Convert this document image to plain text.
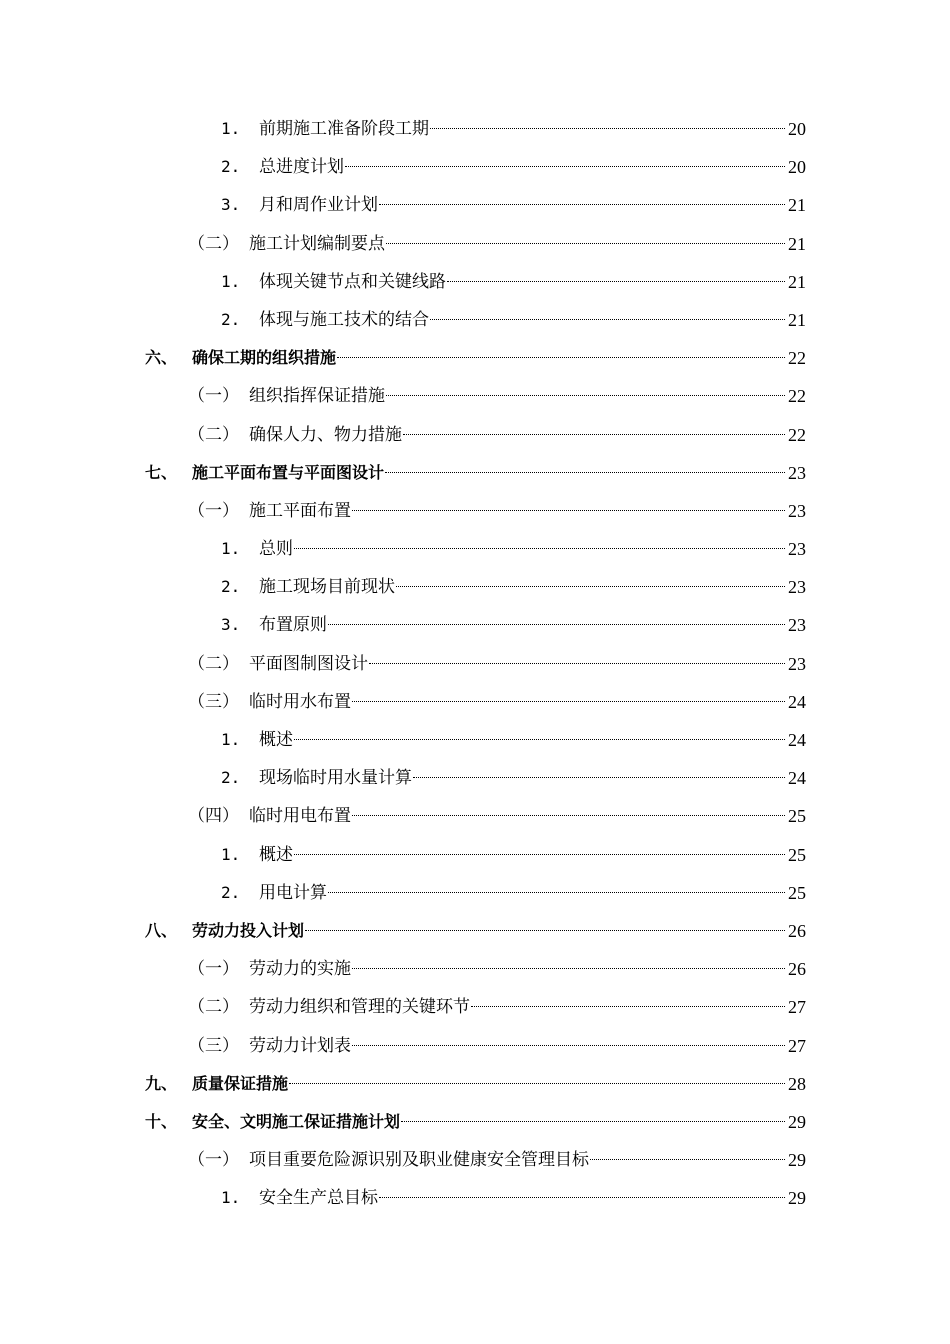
1. 前期施工准备阶段工期	20
2. 总进度计划	20
3. 月和周作业计划	21
（二） 施工计划编制要点	21
1. 体现关键节点和关键线路	21
2. 体现与施工技术的结合	21
六、 确保工期的组织措施	22
（一） 组织指挥保证措施	22
（二） 确保人力、物力措施	22
七、 施工平面布置与平面图设计	23
（一） 施工平面布置	23
1. 总则	23
2. 施工现场目前现状	23
3. 布置原则	23
（二） 平面图制图设计	23
（三） 临时用水布置	24
1. 概述	24
2. 现场临时用水量计算	24
（四） 临时用电布置	25
1. 概述	25
2. 用电计算	25
八、 劳动力投入计划	26
（一） 劳动力的实施	26
（二） 劳动力组织和管理的关键环节	27
（三） 劳动力计划表	27
九、 质量保证措施	28
十、 安全、文明施工保证措施计划	29
（一） 项目重要危险源识别及职业健康安全管理目标	29
1. 安全生产总目标	29
